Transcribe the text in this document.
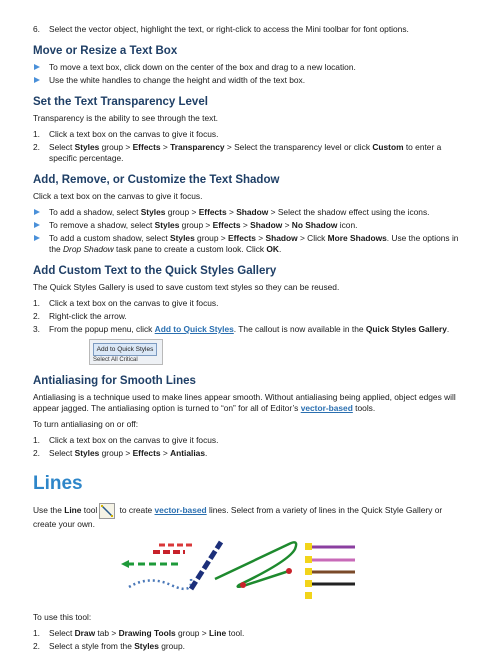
6. Select the vector object, highlight the text, or right-click to access the Mini toolbar for font options.
Move or Resize a Text Box
To move a text box, click down on the center of the box and drag to a new location.
Use the white handles to change the height and width of the text box.
Set the Text Transparency Level

Transparency is the ability to see through the text.

1. Click a text box on the canvas to give it focus.
2. Select Styles group > Effects > Transparency > Select the transparency level or click Custom to enter a specific percentage.
Add, Remove, or Customize the Text Shadow

Click a text box on the canvas to give it focus.

To add a shadow, select Styles group > Effects > Shadow > Select the shadow effect using the icons.
To remove a shadow, select Styles group > Effects > Shadow > No Shadow icon.
To add a custom shadow, select Styles group > Effects > Shadow > Click More Shadows. Use the options in the Drop Shadow task pane to create a custom look. Click OK.
Add Custom Text to the Quick Styles Gallery

The Quick Styles Gallery is used to save custom text styles so they can be reused.

1. Click a text box on the canvas to give it focus.
2. Right-click the arrow.
3. From the popup menu, click Add to Quick Styles. The callout is now available in the Quick Styles Gallery.
Add to Quick Styles
Select All Critical
Antialiasing for Smooth Lines

Antialiasing is a technique used to make lines appear smooth. Without antialiasing being applied, object edges will appear jagged. The antialiasing option is turned to “on” for all of Editor’s vector-based tools.

To turn antialiasing on or off:

1. Click a text box on the canvas to give it focus.
2. Select Styles group > Effects > Antialias.
Lines

Use the Line tool to create vector-based lines. Select from a variety of lines in the Quick Style Gallery or create your own.

To use this tool:

1. Select Draw tab > Drawing Tools group > Line tool.
2. Select a style from the Styles group.
